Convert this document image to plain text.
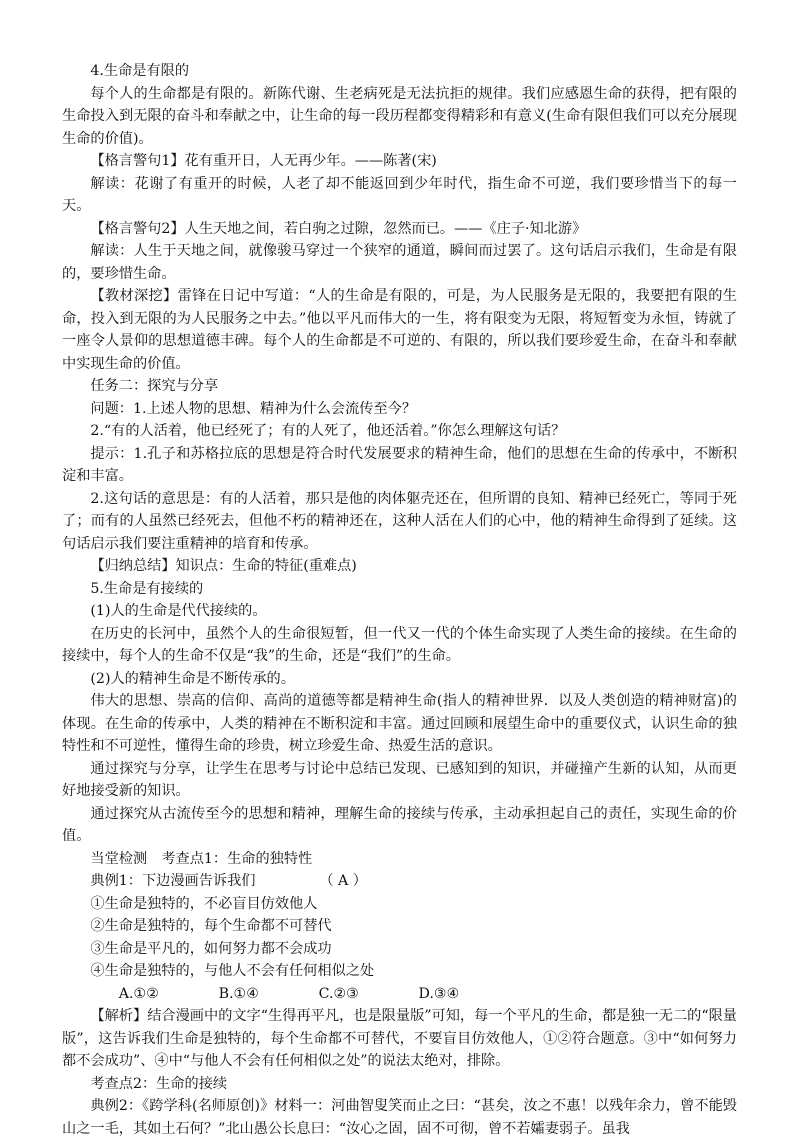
4.生命是有限的

每个人的生命都是有限的。新陈代谢、生老病死是无法抗拒的规律。我们应感恩生命的获得，把有限的生命投入到无限的奋斗和奉献之中，让生命的每一段历程都变得精彩和有意义(生命有限但我们可以充分展现生命的价值)。

【格言警句1】花有重开日，人无再少年。——陈著(宋)

解读：花谢了有重开的时候，人老了却不能返回到少年时代，指生命不可逆，我们要珍惜当下的每一天。

【格言警句2】人生天地之间，若白驹之过隙，忽然而已。——《庄子·知北游》

解读：人生于天地之间，就像骏马穿过一个狭窄的通道，瞬间而过罢了。这句话启示我们，生命是有限的，要珍惜生命。

【教材深挖】雷锋在日记中写道：“人的生命是有限的，可是，为人民服务是无限的，我要把有限的生命，投入到无限的为人民服务之中去。”他以平凡而伟大的一生，将有限变为无限，将短暂变为永恒，铸就了一座令人景仰的思想道德丰碑。每个人的生命都是不可逆的、有限的，所以我们要珍爱生命，在奋斗和奉献中实现生命的价值。

任务二：探究与分享

问题：1.上述人物的思想、精神为什么会流传至今？

2.“有的人活着，他已经死了；有的人死了，他还活着。”你怎么理解这句话？

提示：1.孔子和苏格拉底的思想是符合时代发展要求的精神生命，他们的思想在生命的传承中，不断积淀和丰富。

2.这句话的意思是：有的人活着，那只是他的肉体躯壳还在，但所谓的良知、精神已经死亡，等同于死了；而有的人虽然已经死去，但他不朽的精神还在，这种人活在人们的心中，他的精神生命得到了延续。这句话启示我们要注重精神的培育和传承。

【归纳总结】知识点：生命的特征(重难点)

5.生命是有接续的

(1)人的生命是代代接续的。

在历史的长河中，虽然个人的生命很短暂，但一代又一代的个体生命实现了人类生命的接续。在生命的接续中，每个人的生命不仅是“我”的生命，还是“我们”的生命。

(2)人的精神生命是不断传承的。

伟大的思想、崇高的信仰、高尚的道德等都是精神生命(指人的精神世界．以及人类创造的精神财富)的体现。在生命的传承中，人类的精神在不断积淀和丰富。通过回顾和展望生命中的重要仪式，认识生命的独特性和不可逆性，懂得生命的珍贵，树立珍爱生命、热爱生活的意识。

通过探究与分享，让学生在思考与讨论中总结已发现、已感知到的知识，并碰撞产生新的认知，从而更好地接受新的知识。

通过探究从古流传至今的思想和精神，理解生命的接续与传承，主动承担起自己的责任，实现生命的价值。

当堂检测　考查点1：生命的独特性

典例1：下边漫画告诉我们　　　　　（ A ）

①生命是独特的，不必盲目仿效他人

②生命是独特的，每个生命都不可替代

③生命是平凡的，如何努力都不会成功

④生命是独特的，与他人不会有任何相似之处

A.①②	B.①④	C.②③	D.③④

【解析】结合漫画中的文字“生得再平凡，也是限量版”可知，每一个平凡的生命，都是独一无二的“限量版”，这告诉我们生命是独特的，每个生命都不可替代，不要盲目仿效他人，①②符合题意。③中“如何努力都不会成功”、④中“与他人不会有任何相似之处”的说法太绝对，排除。

考查点2：生命的接续

典例2：《跨学科(名师原创)》材料一：河曲智叟笑而止之曰：“甚矣，汝之不惠！以残年余力，曾不能毁山之一毛，其如土石何？”北山愚公长息曰：“汝心之固，固不可彻，曾不若孀妻弱子。虽我
